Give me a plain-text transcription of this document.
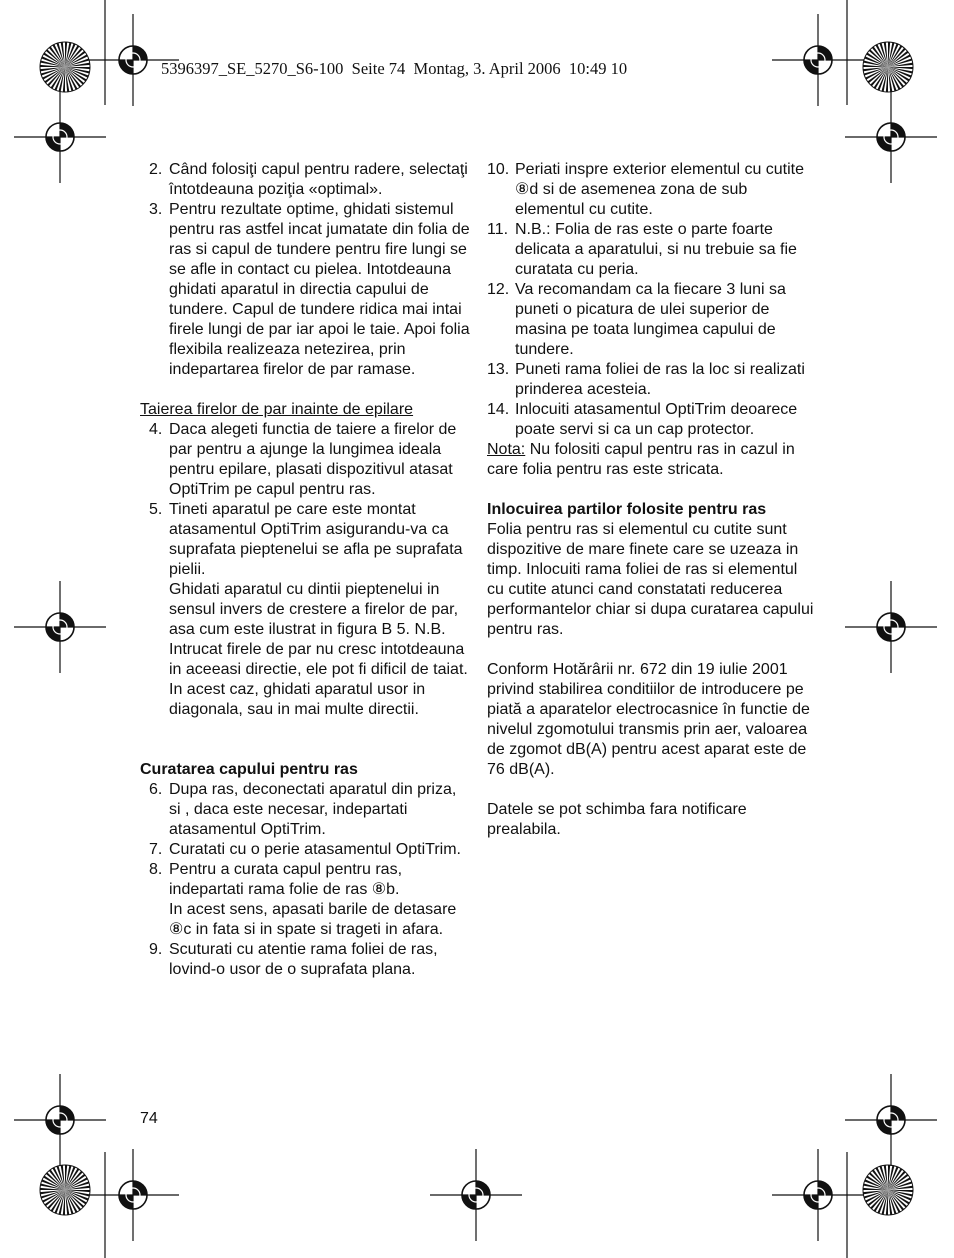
5396397_SE_5270_S6-100  Seite 74  Montag, 3. April 2006  10:49 10
2. Când folosiţi capul pentru radere, selectaţi întotdeauna poziţia «optimal».

3. Pentru rezultate optime, ghidati sistemul pentru ras astfel incat jumatate din folia de ras si capul de tundere pentru fire lungi se se afle in contact cu pielea. Intotdeauna ghidati aparatul in directia capului de tundere. Capul de tundere ridica mai intai firele lungi de par iar apoi le taie. Apoi folia flexibila realizeaza netezirea, prin indepartarea firelor de par ramase.

Taierea firelor de par inainte de epilare

4. Daca alegeti functia de taiere a firelor de par pentru a ajunge la lungimea ideala pentru epilare, plasati dispozitivul atasat OptiTrim pe capul pentru ras.

5. Tineti aparatul pe care este montat atasamentul OptiTrim asigurandu-va ca suprafata pieptenelui se afla pe suprafata pielii.

Ghidati aparatul cu dintii pieptenelui in sensul invers de crestere a firelor de par, asa cum este ilustrat in figura B 5. N.B. Intrucat firele de par nu cresc intotdeauna in aceeasi directie, ele pot fi dificil de taiat. In acest caz, ghidati aparatul usor in diagonala, sau in mai multe directii.

Curatarea capului pentru ras

6. Dupa ras, deconectati aparatul din priza, si , daca este necesar, indepartati atasamentul OptiTrim.

7. Curatati cu o perie atasamentul OptiTrim.

8. Pentru a curata capul pentru ras, indepartati rama folie de ras ⑧b.

In acest sens, apasati barile de detasare ⑧c in fata si in spate si trageti in afara.

9. Scuturati cu atentie rama foliei de ras, lovind-o usor de o suprafata plana.

10. Periati inspre exterior elementul cu cutite ⑧d si de asemenea zona de sub elementul cu cutite.

11. N.B.: Folia de ras este o parte foarte delicata a aparatului, si nu trebuie sa fie curatata cu peria.

12. Va recomandam ca la fiecare 3 luni sa puneti o picatura de ulei superior de masina pe toata lungimea capului de tundere.

13. Puneti rama foliei de ras la loc si realizati prinderea acesteia.

14. Inlocuiti atasamentul OptiTrim deoarece poate servi si ca un cap protector.

Nota: Nu folositi capul pentru ras in cazul in care folia pentru ras este stricata.

Inlocuirea partilor folosite pentru ras

Folia pentru ras si elementul cu cutite sunt dispozitive de mare finete care se uzeaza in timp. Inlocuiti rama foliei de ras si elementul cu cutite atunci cand constatati reducerea performantelor chiar si dupa curatarea capului pentru ras.

Conform Hotărârii nr. 672 din 19 iulie 2001 privind stabilirea conditiilor de introducere pe piată a aparatelor electrocasnice în functie de nivelul zgomotului transmis prin aer, valoarea de zgomot dB(A) pentru acest aparat este de 76 dB(A).

Datele se pot schimba fara notificare prealabila.

74
